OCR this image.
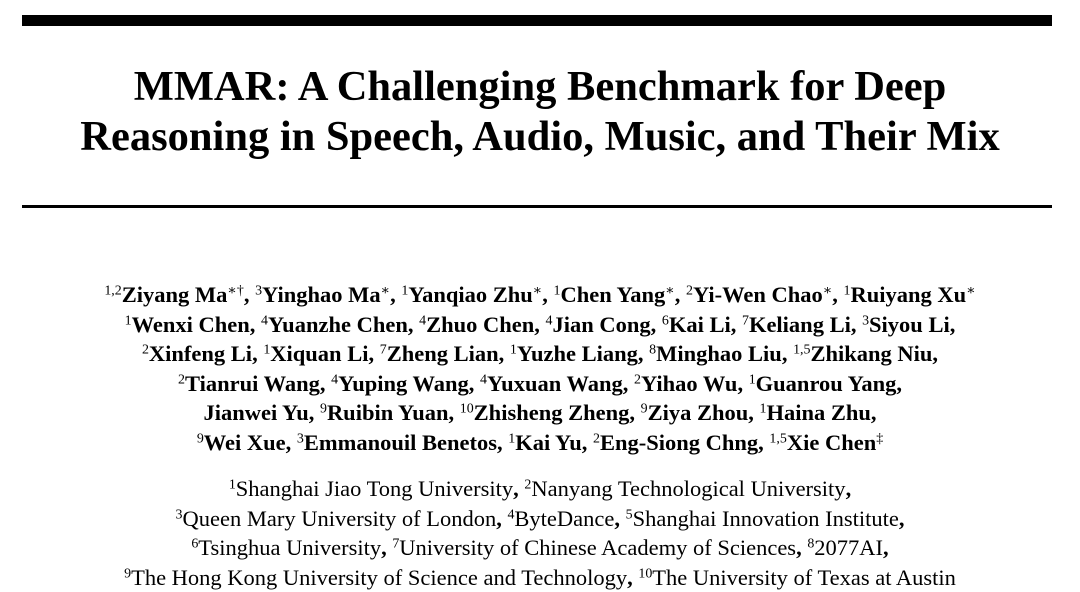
MMAR: A Challenging Benchmark for Deep
Reasoning in Speech, Audio, Music, and Their Mix
$^{1,2}$Ziyang Ma∗†, $^3$Yinghao Ma∗, $^1$Yanqiao Zhu∗, $^1$Chen Yang∗, $^2$Yi-Wen Chao∗, $^1$Ruiyang Xu∗
$^1$Wenxi Chen, $^4$Yuanzhe Chen, $^4$Zhuo Chen, $^4$Jian Cong, $^6$Kai Li, $^7$Keliang Li, $^3$Siyou Li,
$^2$Xinfeng Li, $^1$Xiquan Li, $^7$Zheng Lian, $^1$Yuzhe Liang, $^8$Minghao Liu, $^{1,5}$Zhikang Niu,
$^2$Tianrui Wang, $^4$Yuping Wang, $^4$Yuxuan Wang, $^2$Yihao Wu, $^1$Guanrou Yang,
Jianwei Yu, $^9$Ruibin Yuan, $^{10}$Zhisheng Zheng, $^9$Ziya Zhou, $^1$Haina Zhu,
$^9$Wei Xue, $^3$Emmanouil Benetos, $^1$Kai Yu, $^2$Eng-Siong Chng, $^{1,5}$Xie Chen‡
$^1$Shanghai Jiao Tong University, $^2$Nanyang Technological University,
$^3$Queen Mary University of London, $^4$ByteDance, $^5$Shanghai Innovation Institute,
$^6$Tsinghua University, $^7$University of Chinese Academy of Sciences, $^8$2077AI,
$^9$The Hong Kong University of Science and Technology, $^{10}$The University of Texas at Austin
